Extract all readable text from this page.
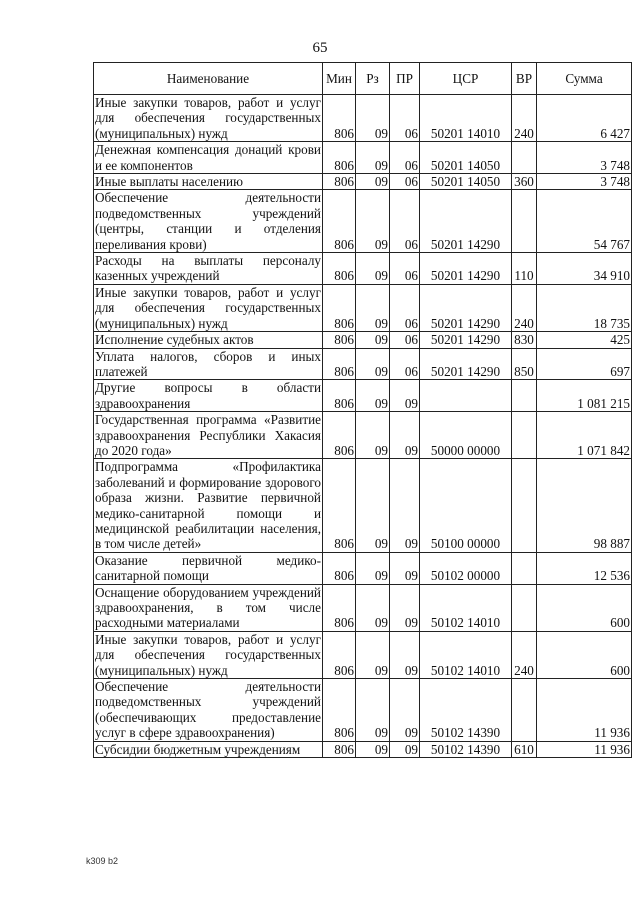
65
Наименование	Мин	Рз	ПР	ЦСР	ВР	Сумма
Иные закупки товаров, работ и услуг для обеспечения государственных (муниципальных) нужд	806	09	06	50201 14010	240	6 427
Денежная компенсация донаций крови и ее компонентов	806	09	06	50201 14050		3 748
Иные выплаты населению	806	09	06	50201 14050	360	3 748
Обеспечение деятельности подведомственных учреждений (центры, станции и отделения переливания крови)	806	09	06	50201 14290		54 767
Расходы на выплаты персоналу казенных учреждений	806	09	06	50201 14290	110	34 910
Иные закупки товаров, работ и услуг для обеспечения государственных (муниципальных) нужд	806	09	06	50201 14290	240	18 735
Исполнение судебных актов	806	09	06	50201 14290	830	425
Уплата налогов, сборов и иных платежей	806	09	06	50201 14290	850	697
Другие вопросы в области здравоохранения	806	09	09			1 081 215
Государственная программа «Развитие здравоохранения Республики Хакасия до 2020 года»	806	09	09	50000 00000		1 071 842
Подпрограмма «Профилактика заболеваний и формирование здорового образа жизни. Развитие первичной медико-санитарной помощи и медицинской реабилитации населения, в том числе детей»	806	09	09	50100 00000		98 887
Оказание первичной медико-санитарной помощи	806	09	09	50102 00000		12 536
Оснащение оборудованием учреждений здравоохранения, в том числе расходными материалами	806	09	09	50102 14010		600
Иные закупки товаров, работ и услуг для обеспечения государственных (муниципальных) нужд	806	09	09	50102 14010	240	600
Обеспечение деятельности подведомственных учреждений (обеспечивающих предоставление услуг в сфере здравоохранения)	806	09	09	50102 14390		11 936
Субсидии бюджетным учреждениям	806	09	09	50102 14390	610	11 936
k309 b2
